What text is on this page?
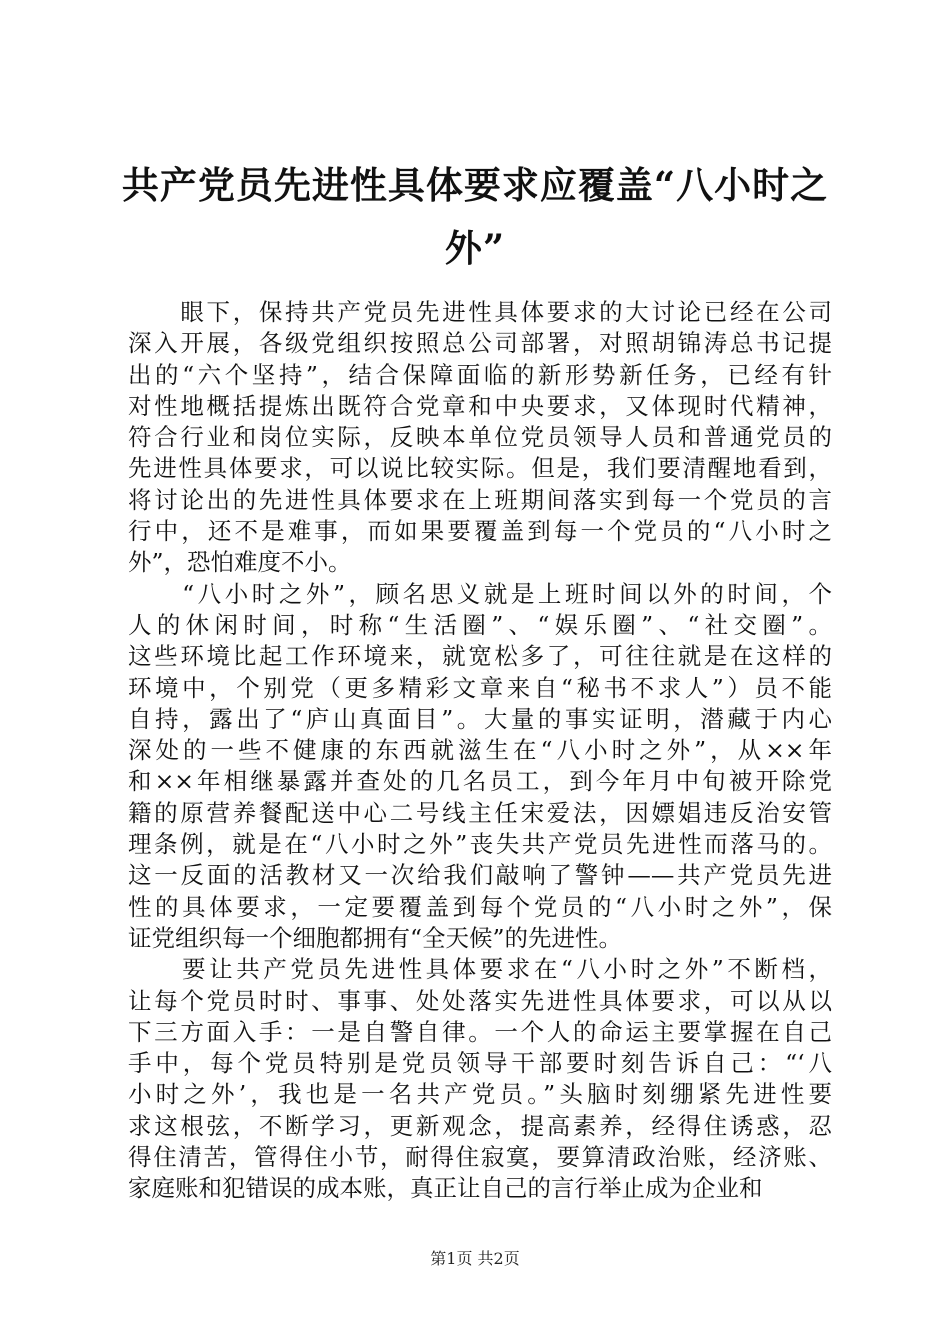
共产党员先进性具体要求应覆盖“八小时之
外”
　　眼下，保持共产党员先进性具体要求的大讨论已经在公司
深入开展，各级党组织按照总公司部署，对照胡锦涛总书记提
出的“六个坚持”，结合保障面临的新形势新任务，已经有针
对性地概括提炼出既符合党章和中央要求，又体现时代精神，
符合行业和岗位实际，反映本单位党员领导人员和普通党员的
先进性具体要求，可以说比较实际。但是，我们要清醒地看到，
将讨论出的先进性具体要求在上班期间落实到每一个党员的言
行中，还不是难事，而如果要覆盖到每一个党员的“八小时之
外”，恐怕难度不小。
　　“八小时之外”，顾名思义就是上班时间以外的时间，个
人的休闲时间，时称“生活圈”、“娱乐圈”、“社交圈”。
这些环境比起工作环境来，就宽松多了，可往往就是在这样的
环境中，个别党（更多精彩文章来自“秘书不求人”）员不能
自持，露出了“庐山真面目”。大量的事实证明，潜藏于内心
深处的一些不健康的东西就滋生在“八小时之外”，从××年
和××年相继暴露并查处的几名员工，到今年月中旬被开除党
籍的原营养餐配送中心二号线主任宋爱法，因嫖娼违反治安管
理条例，就是在“八小时之外”丧失共产党员先进性而落马的。
这一反面的活教材又一次给我们敲响了警钟——共产党员先进
性的具体要求，一定要覆盖到每个党员的“八小时之外”，保
证党组织每一个细胞都拥有“全天候”的先进性。
　　要让共产党员先进性具体要求在“八小时之外”不断档，
让每个党员时时、事事、处处落实先进性具体要求，可以从以
下三方面入手：一是自警自律。一个人的命运主要掌握在自己
手中，每个党员特别是党员领导干部要时刻告诉自己：“‘八
小时之外’，我也是一名共产党员。”头脑时刻绷紧先进性要
求这根弦，不断学习，更新观念，提高素养，经得住诱惑，忍
得住清苦，管得住小节，耐得住寂寞，要算清政治账，经济账、
家庭账和犯错误的成本账，真正让自己的言行举止成为企业和
第1页 共2页
